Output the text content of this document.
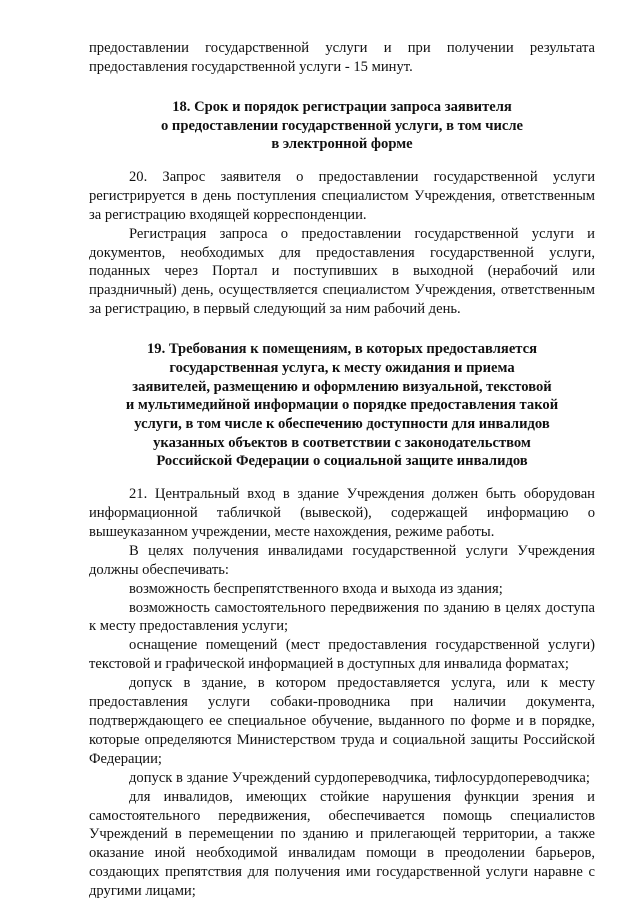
предоставлении государственной услуги и при получении результата предоставления государственной услуги - 15 минут.

18. Срок и порядок регистрации запроса заявителя
о предоставлении государственной услуги, в том числе
в электронной форме

20. Запрос заявителя о предоставлении государственной услуги регистрируется в день поступления специалистом Учреждения, ответственным за регистрацию входящей корреспонденции.

Регистрация запроса о предоставлении государственной услуги и документов, необходимых для предоставления государственной услуги, поданных через Портал и поступивших в выходной (нерабочий или праздничный) день, осуществляется специалистом Учреждения, ответственным за регистрацию, в первый следующий за ним рабочий день.

19. Требования к помещениям, в которых предоставляется
государственная услуга, к месту ожидания и приема
заявителей, размещению и оформлению визуальной, текстовой
и мультимедийной информации о порядке предоставления такой
услуги, в том числе к обеспечению доступности для инвалидов
указанных объектов в соответствии с законодательством
Российской Федерации о социальной защите инвалидов

21. Центральный вход в здание Учреждения должен быть оборудован информационной табличкой (вывеской), содержащей информацию о вышеуказанном учреждении, месте нахождения, режиме работы.

В целях получения инвалидами государственной услуги Учреждения должны обеспечивать:

возможность беспрепятственного входа и выхода из здания;

возможность самостоятельного передвижения по зданию в целях доступа к месту предоставления услуги;

оснащение помещений (мест предоставления государственной услуги) текстовой и графической информацией в доступных для инвалида форматах;

допуск в здание, в котором предоставляется услуга, или к месту предоставления услуги собаки-проводника при наличии документа, подтверждающего ее специальное обучение, выданного по форме и в порядке, которые определяются Министерством труда и социальной защиты Российской Федерации;

допуск в здание Учреждений сурдопереводчика, тифлосурдопереводчика;

для инвалидов, имеющих стойкие нарушения функции зрения и самостоятельного передвижения, обеспечивается помощь специалистов Учреждений в перемещении по зданию и прилегающей территории, а также оказание иной необходимой инвалидам помощи в преодолении барьеров, создающих препятствия для получения ими государственной услуги наравне с другими лицами;
